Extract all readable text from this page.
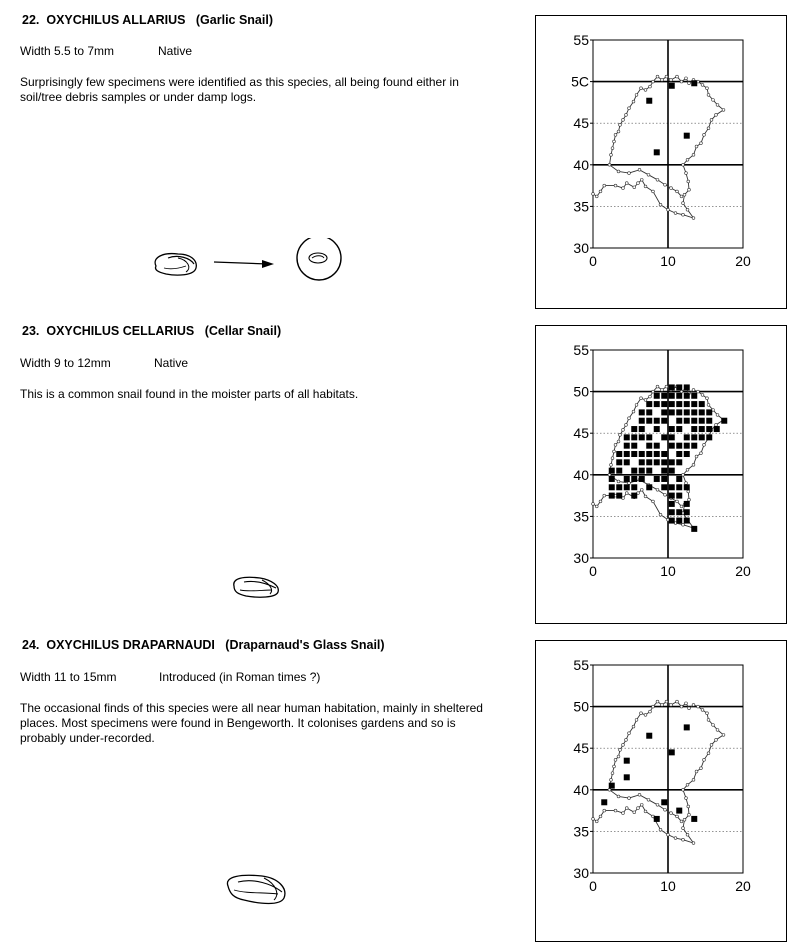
22. OXYCHILUS ALLARIUS (Garlic Snail)
Width 5.5 to 7mm	Native
Surprisingly few specimens were identified as this species, all being found either in soil/tree debris samples or under damp logs.
55
5C
45
40
35
30
0	10	20
23. OXYCHILUS CELLARIUS (Cellar Snail)
Width 9 to 12mm	Native
This is a common snail found in the moister parts of all habitats.
55
50
45
40
35
30
0	10	20
24. OXYCHILUS DRAPARNAUDI (Draparnaud's Glass Snail)
Width 11 to 15mm	Introduced (in Roman times ?)
The occasional finds of this species were all near human habitation, mainly in sheltered places. Most specimens were found in Bengeworth. It colonises gardens and so is probably under-recorded.
55
50
45
40
35
30
0	10	20
